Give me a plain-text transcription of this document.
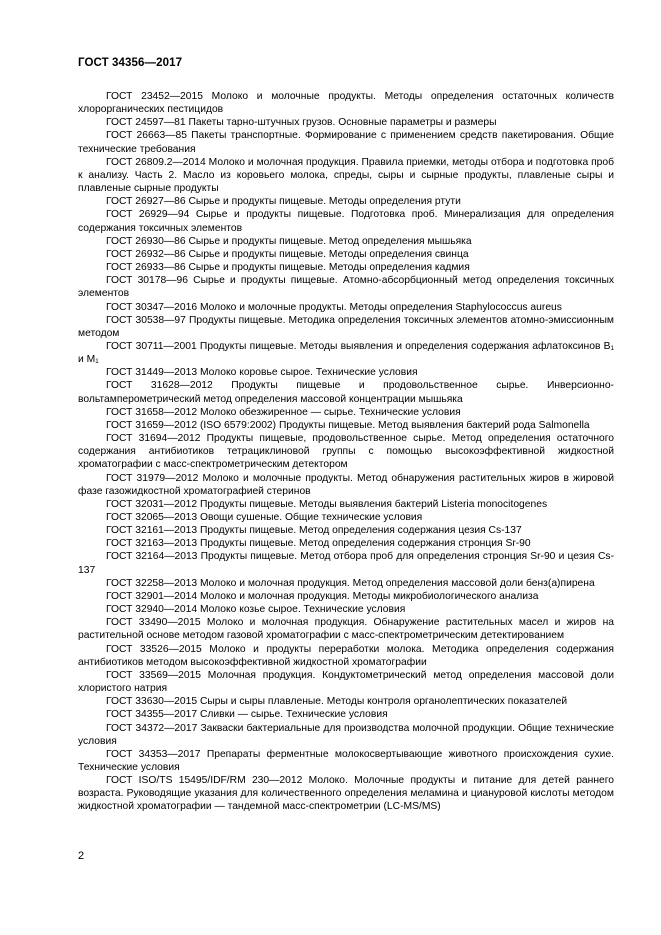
ГОСТ 34356—2017

ГОСТ 23452—2015 Молоко и молочные продукты. Методы определения остаточных количеств хлорорганических пестицидов

ГОСТ 24597—81 Пакеты тарно-штучных грузов. Основные параметры и размеры

ГОСТ 26663—85 Пакеты транспортные. Формирование с применением средств пакетирования. Общие технические требования

ГОСТ 26809.2—2014 Молоко и молочная продукция. Правила приемки, методы отбора и подготовка проб к анализу. Часть 2. Масло из коровьего молока, спреды, сыры и сырные продукты, плавленые сыры и плавленые сырные продукты

ГОСТ 26927—86 Сырье и продукты пищевые. Методы определения ртути

ГОСТ 26929—94 Сырье и продукты пищевые. Подготовка проб. Минерализация для определения содержания токсичных элементов

ГОСТ 26930—86 Сырье и продукты пищевые. Метод определения мышьяка

ГОСТ 26932—86 Сырье и продукты пищевые. Методы определения свинца

ГОСТ 26933—86 Сырье и продукты пищевые. Методы определения кадмия

ГОСТ 30178—96 Сырье и продукты пищевые. Атомно-абсорбционный метод определения токсичных элементов

ГОСТ 30347—2016 Молоко и молочные продукты. Методы определения Staphylococcus aureus

ГОСТ 30538—97 Продукты пищевые. Методика определения токсичных элементов атомно-эмиссионным методом

ГОСТ 30711—2001 Продукты пищевые. Методы выявления и определения содержания афлатоксинов B₁ и M₁

ГОСТ 31449—2013 Молоко коровье сырое. Технические условия

ГОСТ 31628—2012 Продукты пищевые и продовольственное сырье. Инверсионно-вольтамперометрический метод определения массовой концентрации мышьяка

ГОСТ 31658—2012 Молоко обезжиренное — сырье. Технические условия

ГОСТ 31659—2012 (ISO 6579:2002) Продукты пищевые. Метод выявления бактерий рода Salmonella

ГОСТ 31694—2012 Продукты пищевые, продовольственное сырье. Метод определения остаточного содержания антибиотиков тетрациклиновой группы с помощью высокоэффективной жидкостной хроматографии с масс-спектрометрическим детектором

ГОСТ 31979—2012 Молоко и молочные продукты. Метод обнаружения растительных жиров в жировой фазе газожидкостной хроматографией стеринов

ГОСТ 32031—2012 Продукты пищевые. Методы выявления бактерий Listeria monocitogenes

ГОСТ 32065—2013 Овощи сушеные. Общие технические условия

ГОСТ 32161—2013 Продукты пищевые. Метод определения содержания цезия Cs-137

ГОСТ 32163—2013 Продукты пищевые. Метод определения содержания стронция Sr-90

ГОСТ 32164—2013 Продукты пищевые. Метод отбора проб для определения стронция Sr-90 и цезия Cs-137

ГОСТ 32258—2013 Молоко и молочная продукция. Метод определения массовой доли бенз(а)пирена

ГОСТ 32901—2014 Молоко и молочная продукция. Методы микробиологического анализа

ГОСТ 32940—2014 Молоко козье сырое. Технические условия

ГОСТ 33490—2015 Молоко и молочная продукция. Обнаружение растительных масел и жиров на растительной основе методом газовой хроматографии с масс-спектрометрическим детектированием

ГОСТ 33526—2015 Молоко и продукты переработки молока. Методика определения содержания антибиотиков методом высокоэффективной жидкостной хроматографии

ГОСТ 33569—2015 Молочная продукция. Кондуктометрический метод определения массовой доли хлористого натрия

ГОСТ 33630—2015 Сыры и сыры плавленые. Методы контроля органолептических показателей

ГОСТ 34355—2017 Сливки — сырье. Технические условия

ГОСТ 34372—2017 Закваски бактериальные для производства молочной продукции. Общие технические условия

ГОСТ 34353—2017 Препараты ферментные молокосвертывающие животного происхождения сухие. Технические условия

ГОСТ ISO/TS 15495/IDF/RM 230—2012 Молоко. Молочные продукты и питание для детей раннего возраста. Руководящие указания для количественного определения меламина и циануровой кислоты методом жидкостной хроматографии — тандемной масс-спектрометрии (LC-MS/MS)

2
